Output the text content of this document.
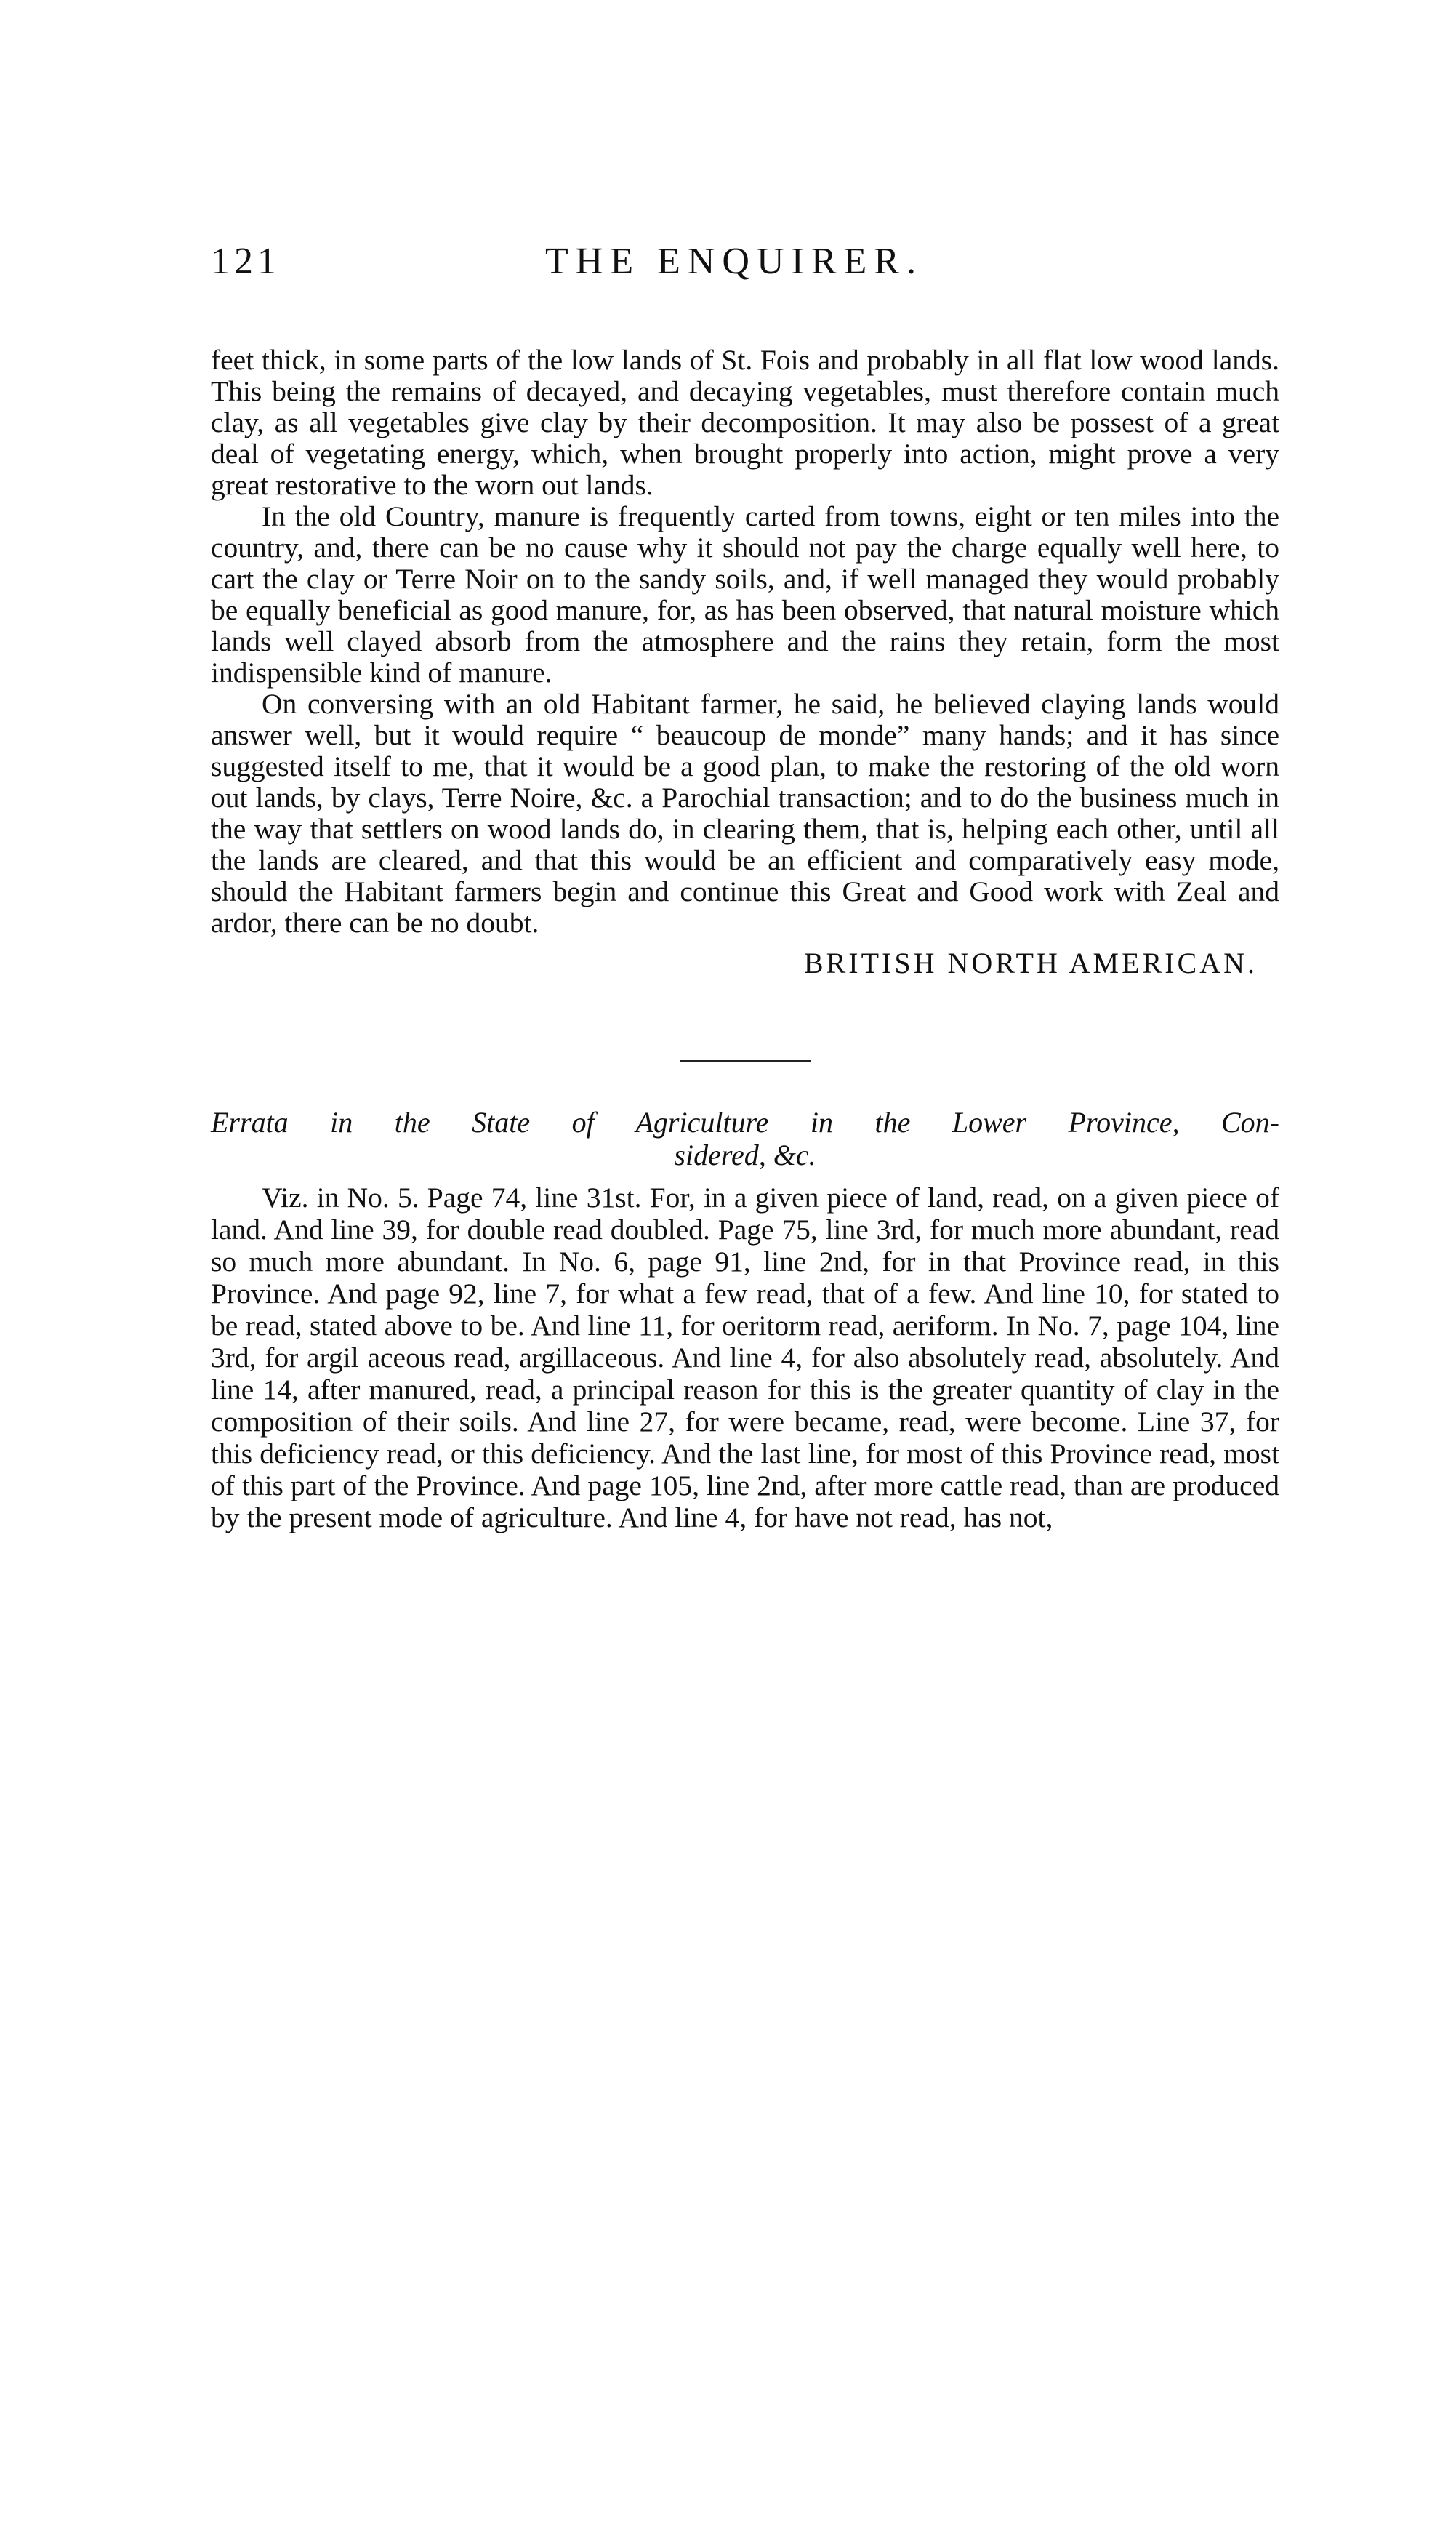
121	THE ENQUIRER.

feet thick, in some parts of the low lands of St. Fois and probably in all flat low wood lands. This being the remains of decayed, and decaying vegetables, must therefore contain much clay, as all vegetables give clay by their decomposition. It may also be possest of a great deal of vegetating energy, which, when brought properly into action, might prove a very great restorative to the worn out lands.

In the old Country, manure is frequently carted from towns, eight or ten miles into the country, and, there can be no cause why it should not pay the charge equally well here, to cart the clay or Terre Noir on to the sandy soils, and, if well managed they would probably be equally beneficial as good manure, for, as has been observed, that natural moisture which lands well clayed absorb from the atmosphere and the rains they retain, form the most indispensible kind of manure.

On conversing with an old Habitant farmer, he said, he believed claying lands would answer well, but it would require “ beaucoup de monde” many hands; and it has since suggested itself to me, that it would be a good plan, to make the restoring of the old worn out lands, by clays, Terre Noire, &c. a Parochial transaction; and to do the business much in the way that settlers on wood lands do, in clearing them, that is, helping each other, until all the lands are cleared, and that this would be an efficient and comparatively easy mode, should the Habitant farmers begin and continue this Great and Good work with Zeal and ardor, there can be no doubt.

BRITISH NORTH AMERICAN.
Errata in the State of Agriculture in the Lower Province, Con-
sidered, &c.

Viz. in No. 5. Page 74, line 31st. For, in a given piece of land, read, on a given piece of land. And line 39, for double read doubled. Page 75, line 3rd, for much more abundant, read so much more abundant. In No. 6, page 91, line 2nd, for in that Province read, in this Province. And page 92, line 7, for what a few read, that of a few. And line 10, for stated to be read, stated above to be. And line 11, for oeritorm read, aeriform. In No. 7, page 104, line 3rd, for argil aceous read, argillaceous. And line 4, for also absolutely read, absolutely. And line 14, after manured, read, a principal reason for this is the greater quantity of clay in the composition of their soils. And line 27, for were became, read, were become. Line 37, for this deficiency read, or this deficiency. And the last line, for most of this Province read, most of this part of the Province. And page 105, line 2nd, after more cattle read, than are produced by the present mode of agriculture. And line 4, for have not read, has not,
